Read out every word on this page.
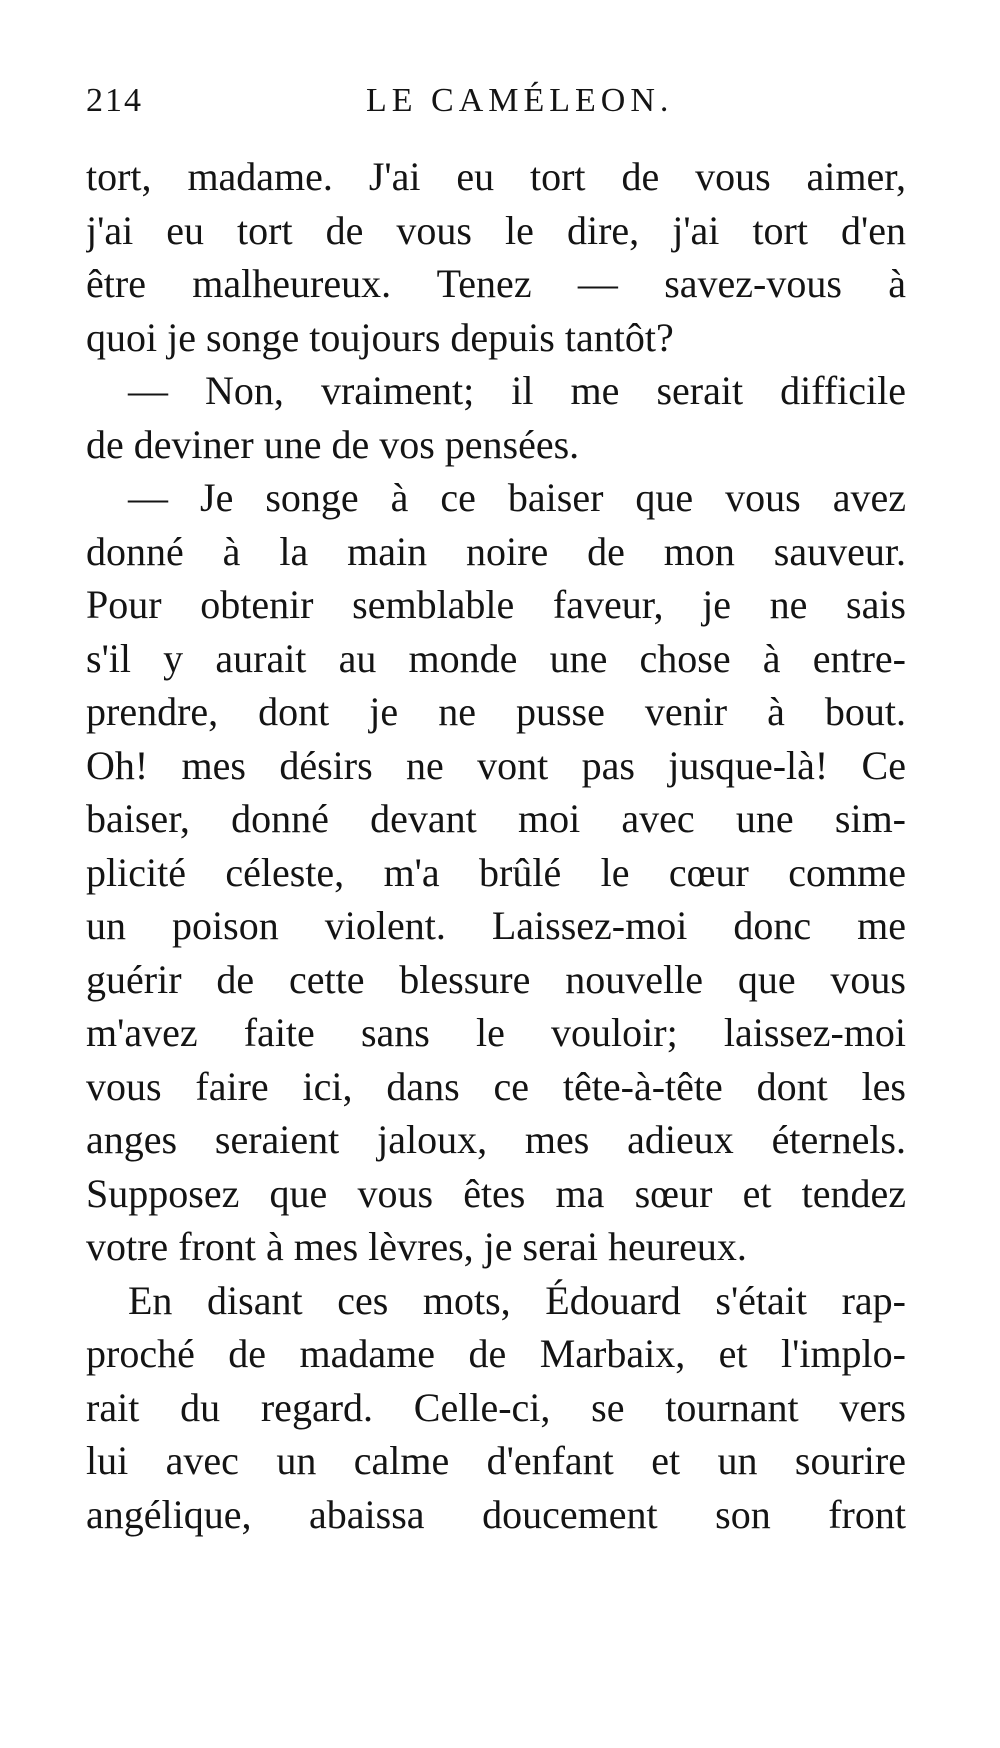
214	LE CAMÉLEON.
tort, madame. J'ai eu tort de vous aimer,
j'ai eu tort de vous le dire, j'ai tort d'en
être malheureux. Tenez — savez-vous à
quoi je songe toujours depuis tantôt?
— Non, vraiment; il me serait difficile
de deviner une de vos pensées.
— Je songe à ce baiser que vous avez
donné à la main noire de mon sauveur.
Pour obtenir semblable faveur, je ne sais
s'il y aurait au monde une chose à entre-
prendre, dont je ne pusse venir à bout.
Oh! mes désirs ne vont pas jusque-là! Ce
baiser, donné devant moi avec une sim-
plicité céleste, m'a brûlé le cœur comme
un poison violent. Laissez-moi donc me
guérir de cette blessure nouvelle que vous
m'avez faite sans le vouloir; laissez-moi
vous faire ici, dans ce tête-à-tête dont les
anges seraient jaloux, mes adieux éternels.
Supposez que vous êtes ma sœur et tendez
votre front à mes lèvres, je serai heureux.
En disant ces mots, Édouard s'était rap-
proché de madame de Marbaix, et l'implo-
rait du regard. Celle-ci, se tournant vers
lui avec un calme d'enfant et un sourire
angélique, abaissa doucement son front
